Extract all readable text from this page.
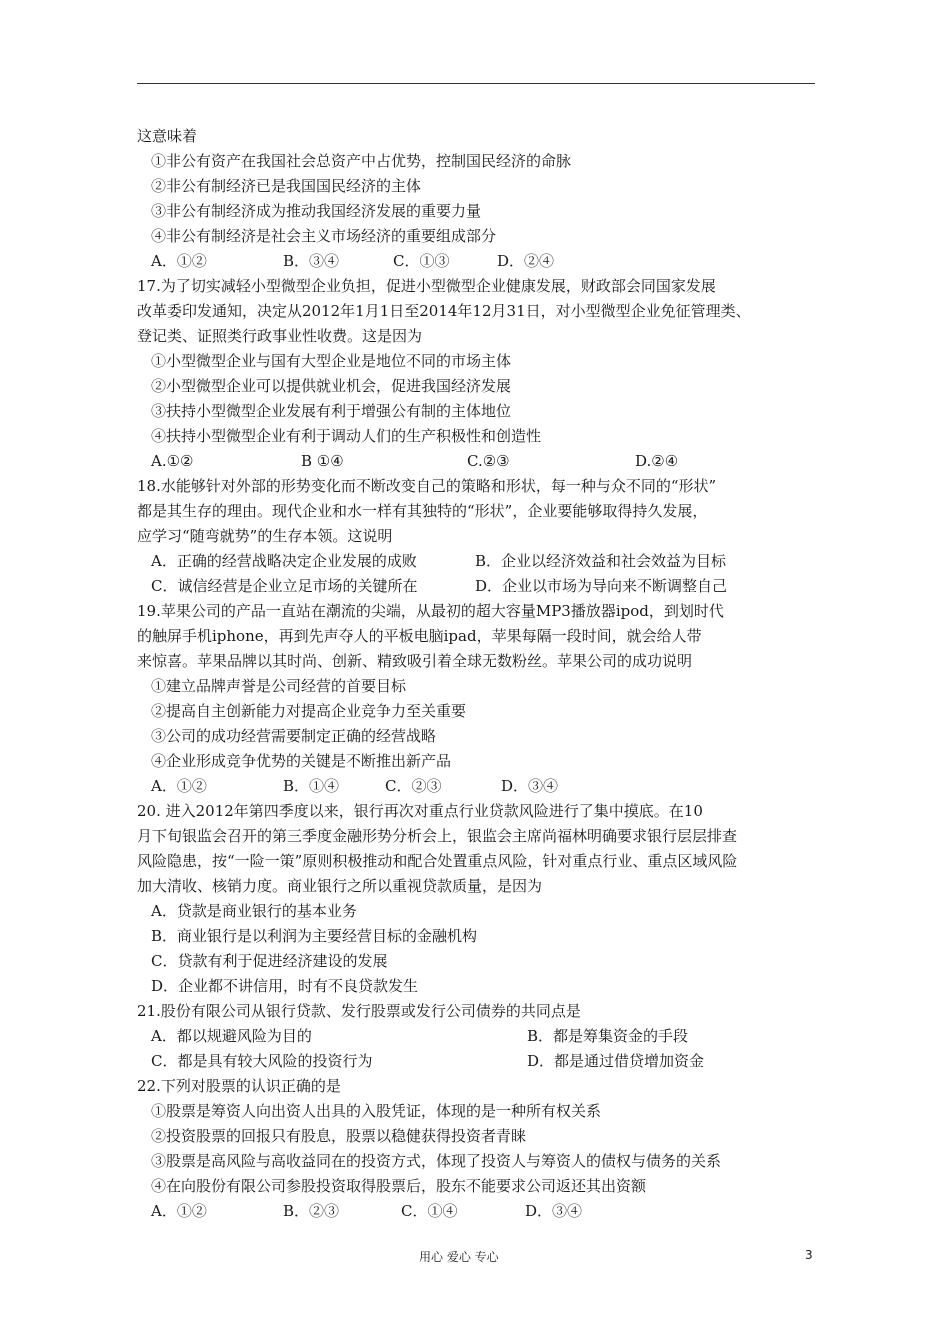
这意味着
①非公有资产在我国社会总资产中占优势，控制国民经济的命脉
②非公有制经济已是我国国民经济的主体
③非公有制经济成为推动我国经济发展的重要力量
④非公有制经济是社会主义市场经济的重要组成部分
A．①②	B．③④	C．①③	D．②④
17.为了切实减轻小型微型企业负担，促进小型微型企业健康发展，财政部会同国家发展
改革委印发通知，决定从2012年1月1日至2014年12月31日，对小型微型企业免征管理类、
登记类、证照类行政事业性收费。这是因为
①小型微型企业与国有大型企业是地位不同的市场主体
②小型微型企业可以提供就业机会，促进我国经济发展
③扶持小型微型企业发展有利于增强公有制的主体地位
④扶持小型微型企业有利于调动人们的生产积极性和创造性
A.①②	B ①④	C.②③	D.②④
18.水能够针对外部的形势变化而不断改变自己的策略和形状，每一种与众不同的“形状”
都是其生存的理由。现代企业和水一样有其独特的“形状”，企业要能够取得持久发展，
应学习“随弯就势”的生存本领。这说明
A．正确的经营战略决定企业发展的成败	B．企业以经济效益和社会效益为目标
C．诚信经营是企业立足市场的关键所在	D．企业以市场为导向来不断调整自己
19.苹果公司的产品一直站在潮流的尖端，从最初的超大容量MP3播放器ipod，到划时代
的触屏手机iphone，再到先声夺人的平板电脑ipad，苹果每隔一段时间，就会给人带
来惊喜。苹果品牌以其时尚、创新、精致吸引着全球无数粉丝。苹果公司的成功说明
①建立品牌声誉是公司经营的首要目标
②提高自主创新能力对提高企业竞争力至关重要
③公司的成功经营需要制定正确的经营战略
④企业形成竞争优势的关键是不断推出新产品
A．①②	B．①④	C．②③	D．③④
20. 进入2012年第四季度以来，银行再次对重点行业贷款风险进行了集中摸底。在10
月下旬银监会召开的第三季度金融形势分析会上，银监会主席尚福林明确要求银行层层排查
风险隐患，按“一险一策”原则积极推动和配合处置重点风险，针对重点行业、重点区域风险
加大清收、核销力度。商业银行之所以重视贷款质量，是因为
A．贷款是商业银行的基本业务
B．商业银行是以利润为主要经营目标的金融机构
C．贷款有利于促进经济建设的发展
D．企业都不讲信用，时有不良贷款发生
21.股份有限公司从银行贷款、发行股票或发行公司债券的共同点是
A．都以规避风险为目的	B．都是筹集资金的手段
C．都是具有较大风险的投资行为	D．都是通过借贷增加资金
22.下列对股票的认识正确的是
①股票是筹资人向出资人出具的入股凭证，体现的是一种所有权关系
②投资股票的回报只有股息，股票以稳健获得投资者青睐
③股票是高风险与高收益同在的投资方式，体现了投资人与筹资人的债权与债务的关系
④在向股份有限公司参股投资取得股票后，股东不能要求公司返还其出资额
A．①②	B．②③	C．①④	D．③④
用心 爱心 专心	3
